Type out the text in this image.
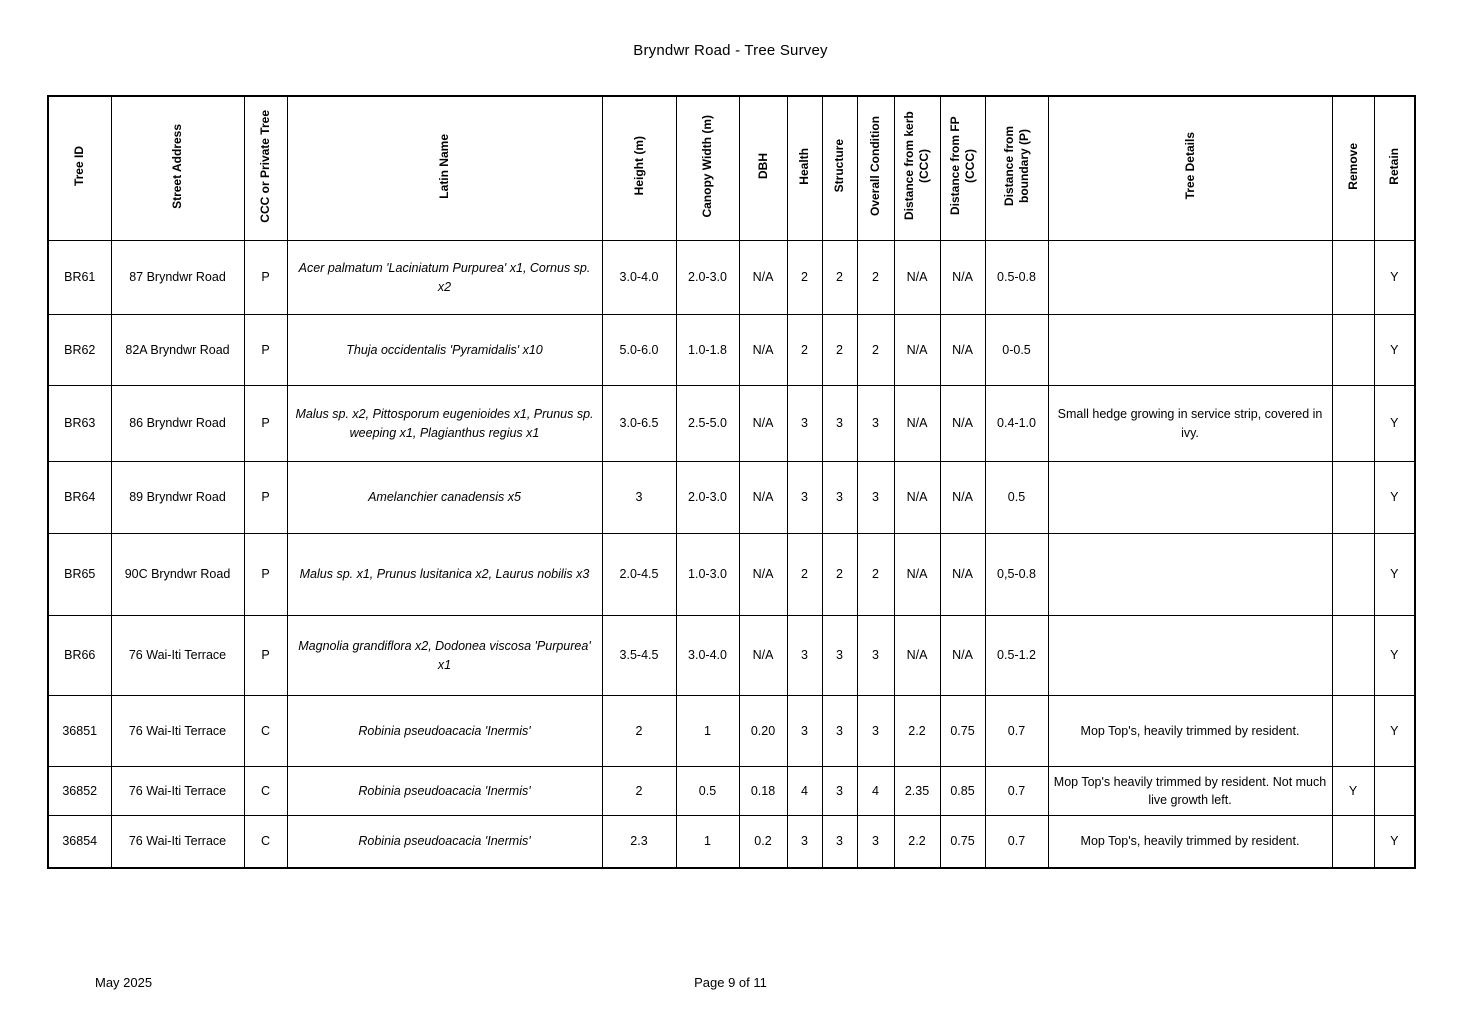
Bryndwr Road - Tree Survey
Tree ID	Street Address	CCC or Private Tree	Latin Name	Height (m)	Canopy Width (m)	DBH	Health	Structure	Overall Condition	Distance from kerb (CCC)	Distance from FP (CCC)	Distance from boundary (P)	Tree Details	Remove	Retain
BR61	87 Bryndwr Road	P	Acer palmatum 'Laciniatum Purpurea' x1, Cornus sp. x2	3.0-4.0	2.0-3.0	N/A	2	2	2	N/A	N/A	0.5-0.8			Y
BR62	82A Bryndwr Road	P	Thuja occidentalis 'Pyramidalis' x10	5.0-6.0	1.0-1.8	N/A	2	2	2	N/A	N/A	0-0.5			Y
BR63	86 Bryndwr Road	P	Malus sp. x2, Pittosporum eugenioides x1, Prunus sp. weeping x1, Plagianthus regius x1	3.0-6.5	2.5-5.0	N/A	3	3	3	N/A	N/A	0.4-1.0	Small hedge growing in service strip, covered in ivy.		Y
BR64	89 Bryndwr Road	P	Amelanchier canadensis x5	3	2.0-3.0	N/A	3	3	3	N/A	N/A	0.5			Y
BR65	90C Bryndwr Road	P	Malus sp. x1, Prunus lusitanica x2, Laurus nobilis x3	2.0-4.5	1.0-3.0	N/A	2	2	2	N/A	N/A	0,5-0.8			Y
BR66	76 Wai-Iti Terrace	P	Magnolia grandiflora x2, Dodonea viscosa 'Purpurea' x1	3.5-4.5	3.0-4.0	N/A	3	3	3	N/A	N/A	0.5-1.2			Y
36851	76 Wai-Iti Terrace	C	Robinia pseudoacacia 'Inermis'	2	1	0.20	3	3	3	2.2	0.75	0.7	Mop Top's, heavily trimmed by resident.		Y
36852	76 Wai-Iti Terrace	C	Robinia pseudoacacia 'Inermis'	2	0.5	0.18	4	3	4	2.35	0.85	0.7	Mop Top's heavily trimmed by resident. Not much live growth left.	Y	
36854	76 Wai-Iti Terrace	C	Robinia pseudoacacia 'Inermis'	2.3	1	0.2	3	3	3	2.2	0.75	0.7	Mop Top's, heavily trimmed by resident.		Y
May 2025	Page 9 of 11
